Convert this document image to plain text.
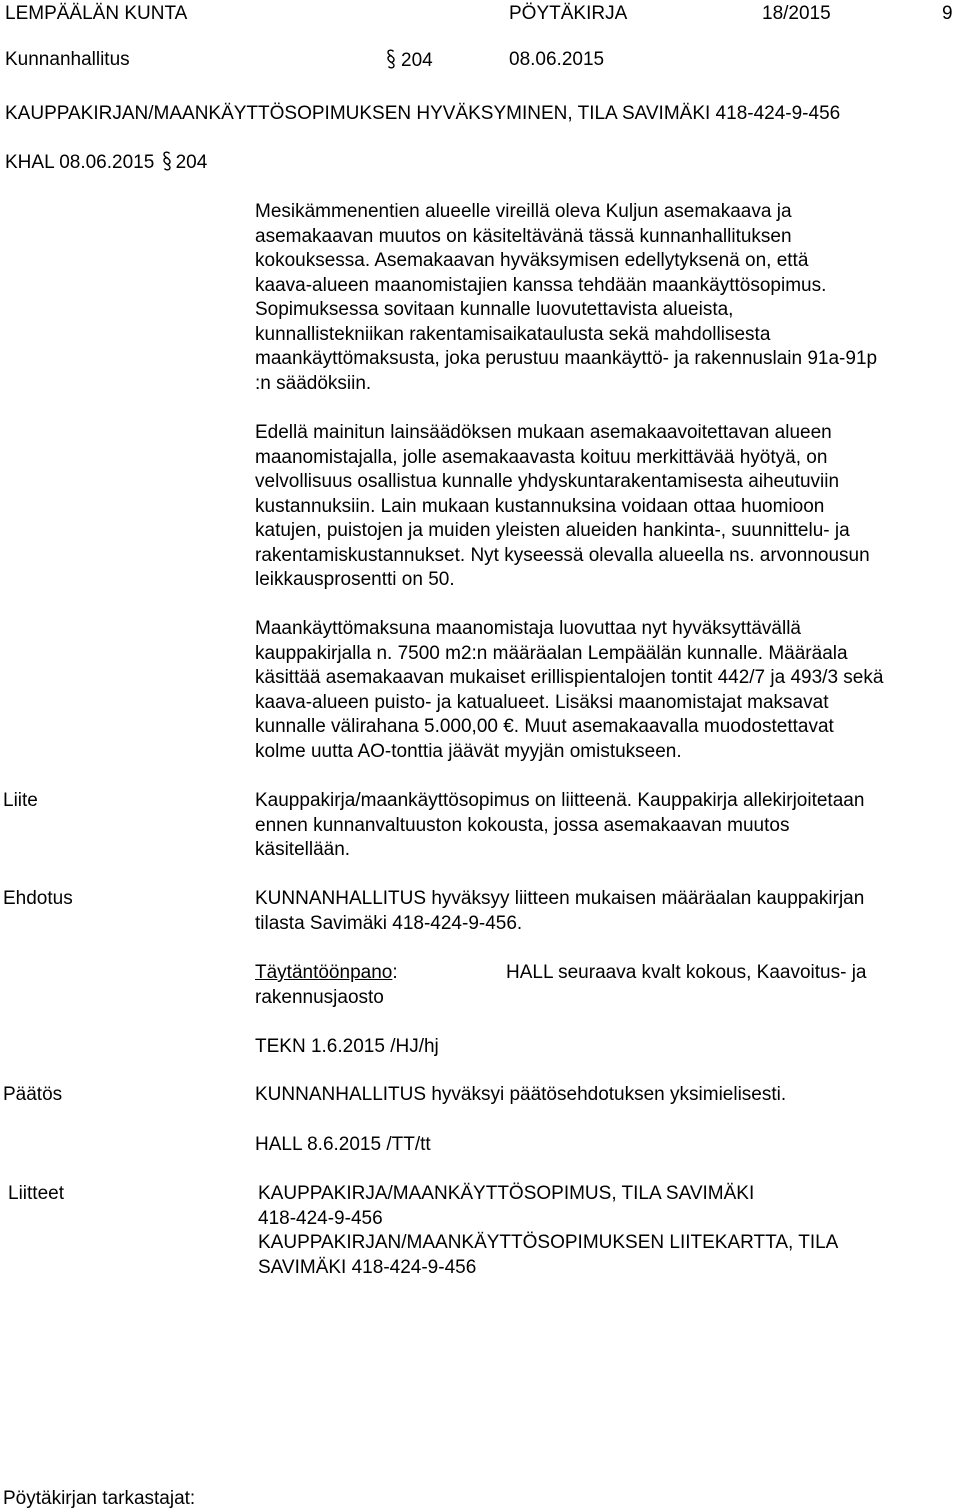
LEMPÄÄLÄN KUNTA	PÖYTÄKIRJA	18/2015	9
Kunnanhallitus	204	08.06.2015
KAUPPAKIRJAN/MAANKÄYTTÖSOPIMUKSEN HYVÄKSYMINEN, TILA SAVIMÄKI 418-424-9-456
KHAL 08.06.2015 204
Mesikämmenentien alueelle vireillä oleva Kuljun asemakaava ja
asemakaavan muutos on käsiteltävänä tässä kunnanhallituksen
kokouksessa. Asemakaavan hyväksymisen edellytyksenä on, että
kaava-alueen maanomistajien kanssa tehdään maankäyttösopimus.
Sopimuksessa sovitaan kunnalle luovutettavista alueista,
kunnallistekniikan rakentamisaikataulusta sekä mahdollisesta
maankäyttömaksusta, joka perustuu maankäyttö- ja rakennuslain 91a-91p
:n säädöksiin.
Edellä mainitun lainsäädöksen mukaan asemakaavoitettavan alueen
maanomistajalla, jolle asemakaavasta koituu merkittävää hyötyä, on
velvollisuus osallistua kunnalle yhdyskuntarakentamisesta aiheutuviin
kustannuksiin. Lain mukaan kustannuksina voidaan ottaa huomioon
katujen, puistojen ja muiden yleisten alueiden hankinta-, suunnittelu- ja
rakentamiskustannukset. Nyt kyseessä olevalla alueella ns. arvonnousun
leikkausprosentti on 50.
Maankäyttömaksuna maanomistaja luovuttaa nyt hyväksyttävällä
kauppakirjalla n. 7500 m2:n määräalan Lempäälän kunnalle. Määräala
käsittää asemakaavan mukaiset erillispientalojen tontit 442/7 ja 493/3 sekä
kaava-alueen puisto- ja katualueet. Lisäksi maanomistajat maksavat
kunnalle välirahana 5.000,00 €. Muut asemakaavalla muodostettavat
kolme uutta AO-tonttia jäävät myyjän omistukseen.
Liite	Kauppakirja/maankäyttösopimus on liitteenä. Kauppakirja allekirjoitetaan
ennen kunnanvaltuuston kokousta, jossa asemakaavan muutos
käsitellään.
Ehdotus	KUNNANHALLITUS hyväksyy liitteen mukaisen määräalan kauppakirjan
tilasta Savimäki 418-424-9-456.
Täytäntöönpano:	HALL seuraava kvalt kokous, Kaavoitus- ja
rakennusjaosto
TEKN 1.6.2015 /HJ/hj
Päätös	KUNNANHALLITUS hyväksyi päätösehdotuksen yksimielisesti.
HALL 8.6.2015 /TT/tt
Liitteet	KAUPPAKIRJA/MAANKÄYTTÖSOPIMUS, TILA SAVIMÄKI
418-424-9-456
KAUPPAKIRJAN/MAANKÄYTTÖSOPIMUKSEN LIITEKARTTA, TILA
SAVIMÄKI 418-424-9-456
Pöytäkirjan tarkastajat:
